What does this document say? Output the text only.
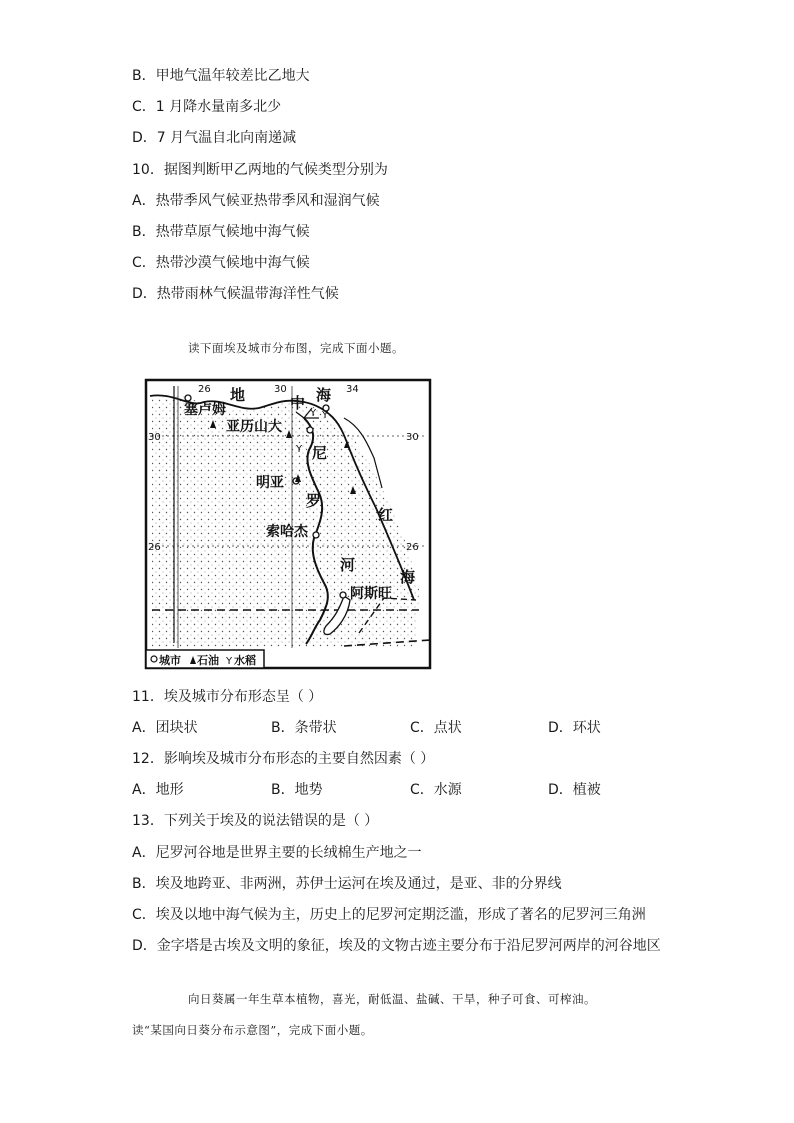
B．甲地气温年较差比乙地大
C．1 月降水量南多北少
D．7 月气温自北向南递减
10．据图判断甲乙两地的气候类型分别为
A．热带季风气候亚热带季风和湿润气候
B．热带草原气候地中海气候
C．热带沙漠气候地中海气候
D．热带雨林气候温带海洋性气候
读下面埃及城市分布图，完成下面小题。
26	30	34
30
26
30
26
地	中 海
塞卢姆
亚历山大
明亚
索哈杰
阿斯旺
尼
罗
河
红
海
Y
Y
Y
城市 石油 Y 水稻
11．埃及城市分布形态呈（ ）
A．团块状	B．条带状	C．点状	D．环状
12．影响埃及城市分布形态的主要自然因素（ ）
A．地形	B．地势	C．水源	D．植被
13．下列关于埃及的说法错误的是（ ）
A．尼罗河谷地是世界主要的长绒棉生产地之一
B．埃及地跨亚、非两洲，苏伊士运河在埃及通过，是亚、非的分界线
C．埃及以地中海气候为主，历史上的尼罗河定期泛滥，形成了著名的尼罗河三角洲
D．金字塔是古埃及文明的象征，埃及的文物古迹主要分布于沿尼罗河两岸的河谷地区
向日葵属一年生草本植物，喜光，耐低温、盐碱、干旱，种子可食、可榨油。
读“某国向日葵分布示意图”，完成下面小题。
